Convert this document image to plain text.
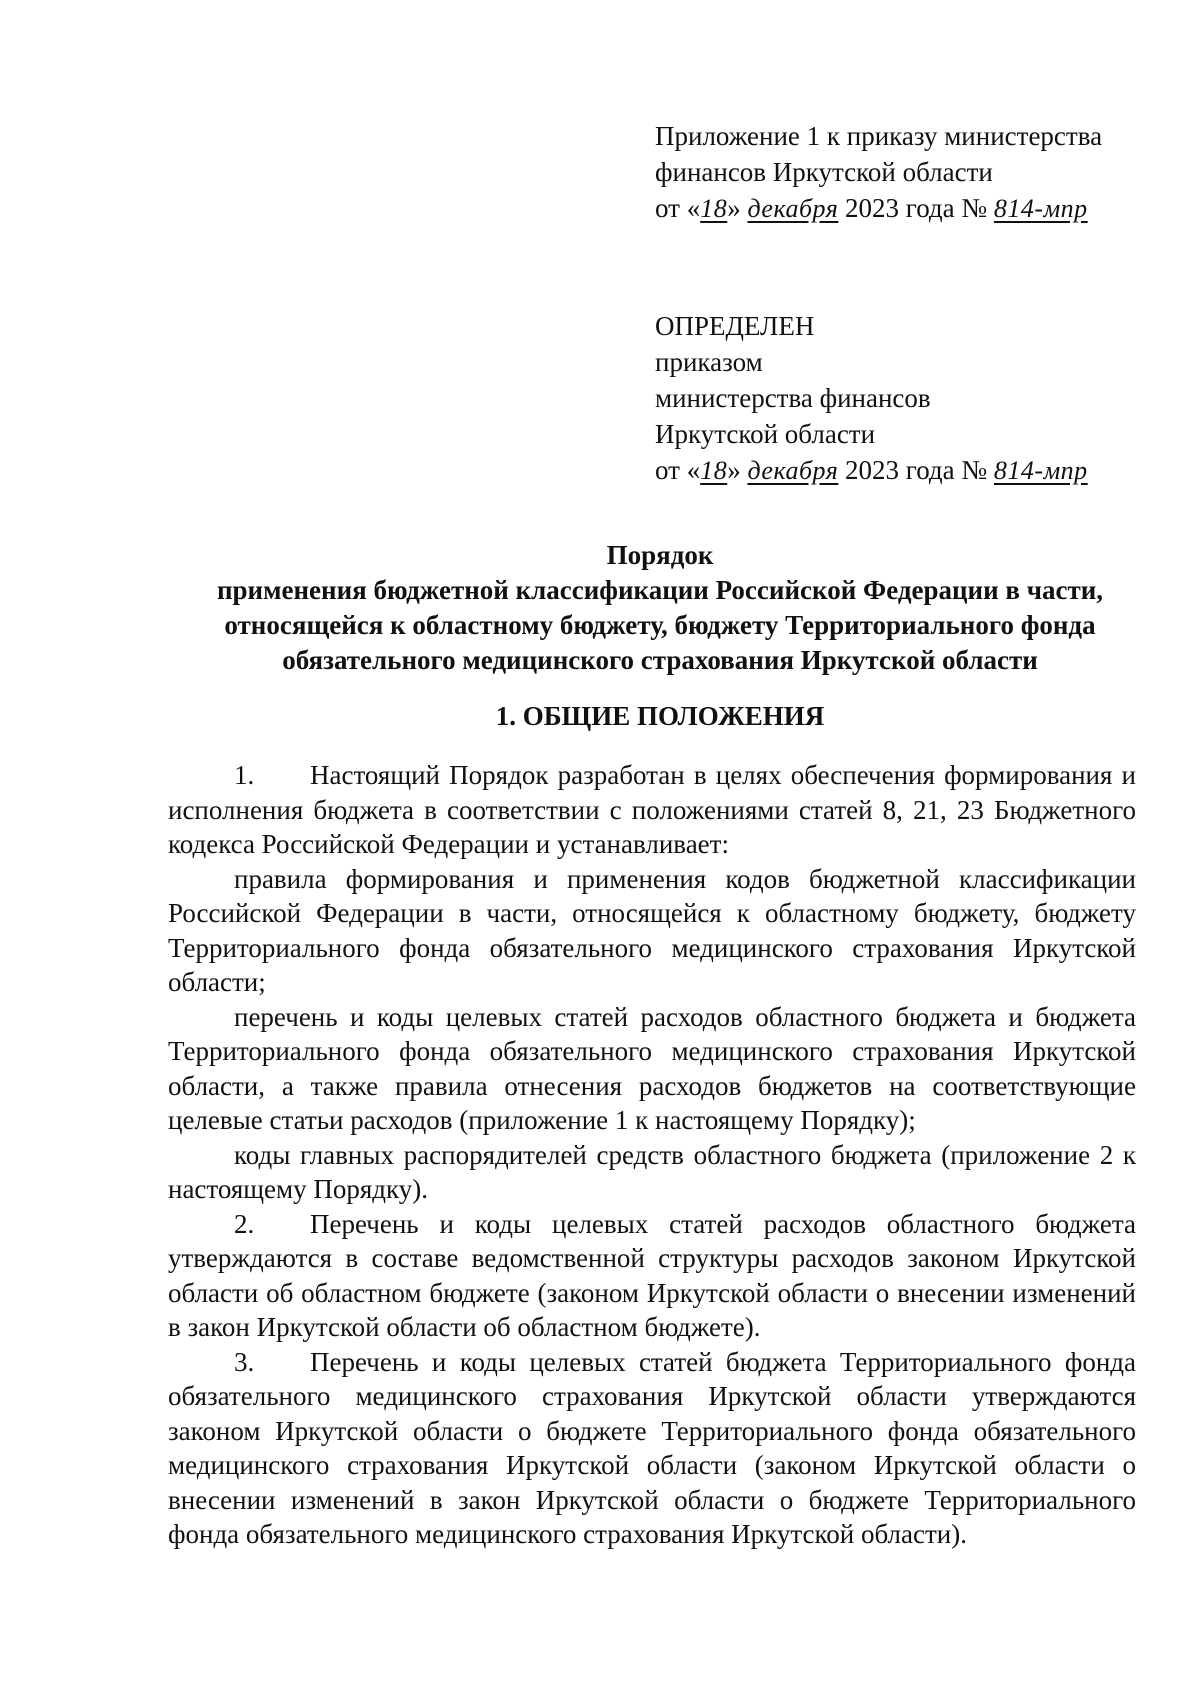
Приложение 1 к приказу министерства
финансов Иркутской области
от «18» декабря 2023 года № 814-мпр
ОПРЕДЕЛЕН
приказом
министерства финансов
Иркутской области
от «18» декабря 2023 года № 814-мпр
Порядок
применения бюджетной классификации Российской Федерации в части,
относящейся к областному бюджету, бюджету Территориального фонда
обязательного медицинского страхования Иркутской области
1. ОБЩИЕ ПОЛОЖЕНИЯ

1. Настоящий Порядок разработан в целях обеспечения формирования и исполнения бюджета в соответствии с положениями статей 8, 21, 23 Бюджетного кодекса Российской Федерации и устанавливает:

правила формирования и применения кодов бюджетной классификации Российской Федерации в части, относящейся к областному бюджету, бюджету Территориального фонда обязательного медицинского страхования Иркутской области;

перечень и коды целевых статей расходов областного бюджета и бюджета Территориального фонда обязательного медицинского страхования Иркутской области, а также правила отнесения расходов бюджетов на соответствующие целевые статьи расходов (приложение 1 к настоящему Порядку);

коды главных распорядителей средств областного бюджета (приложение 2 к настоящему Порядку).

2. Перечень и коды целевых статей расходов областного бюджета утверждаются в составе ведомственной структуры расходов законом Иркутской области об областном бюджете (законом Иркутской области о внесении изменений в закон Иркутской области об областном бюджете).

3. Перечень и коды целевых статей бюджета Территориального фонда обязательного медицинского страхования Иркутской области утверждаются законом Иркутской области о бюджете Территориального фонда обязательного медицинского страхования Иркутской области (законом Иркутской области о внесении изменений в закон Иркутской области о бюджете Территориального фонда обязательного медицинского страхования Иркутской области).
